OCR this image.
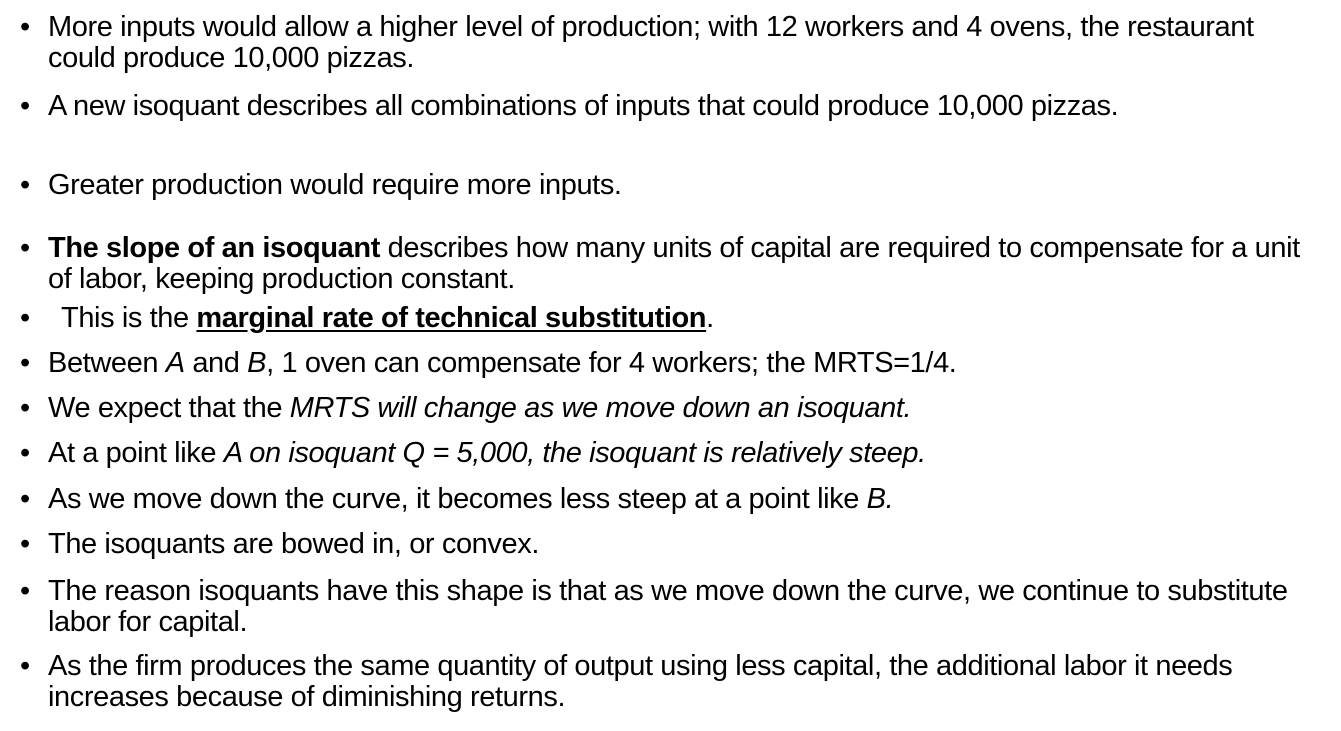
• More inputs would allow a higher level of production; with 12 workers and 4 ovens, the restaurant could produce 10,000 pizzas.
• A new isoquant describes all combinations of inputs that could produce 10,000 pizzas.
• Greater production would require more inputs.
• The slope of an isoquant describes how many units of capital are required to compensate for a unit of labor, keeping production constant.
•	This is the marginal rate of technical substitution.
• Between A and B, 1 oven can compensate for 4 workers; the MRTS=1/4.
• We expect that the MRTS will change as we move down an isoquant.
• At a point like A on isoquant Q = 5,000, the isoquant is relatively steep.
• As we move down the curve, it becomes less steep at a point like B.
• The isoquants are bowed in, or convex.
• The reason isoquants have this shape is that as we move down the curve, we continue to substitute labor for capital.
• As the firm produces the same quantity of output using less capital, the additional labor it needs increases because of diminishing returns.
